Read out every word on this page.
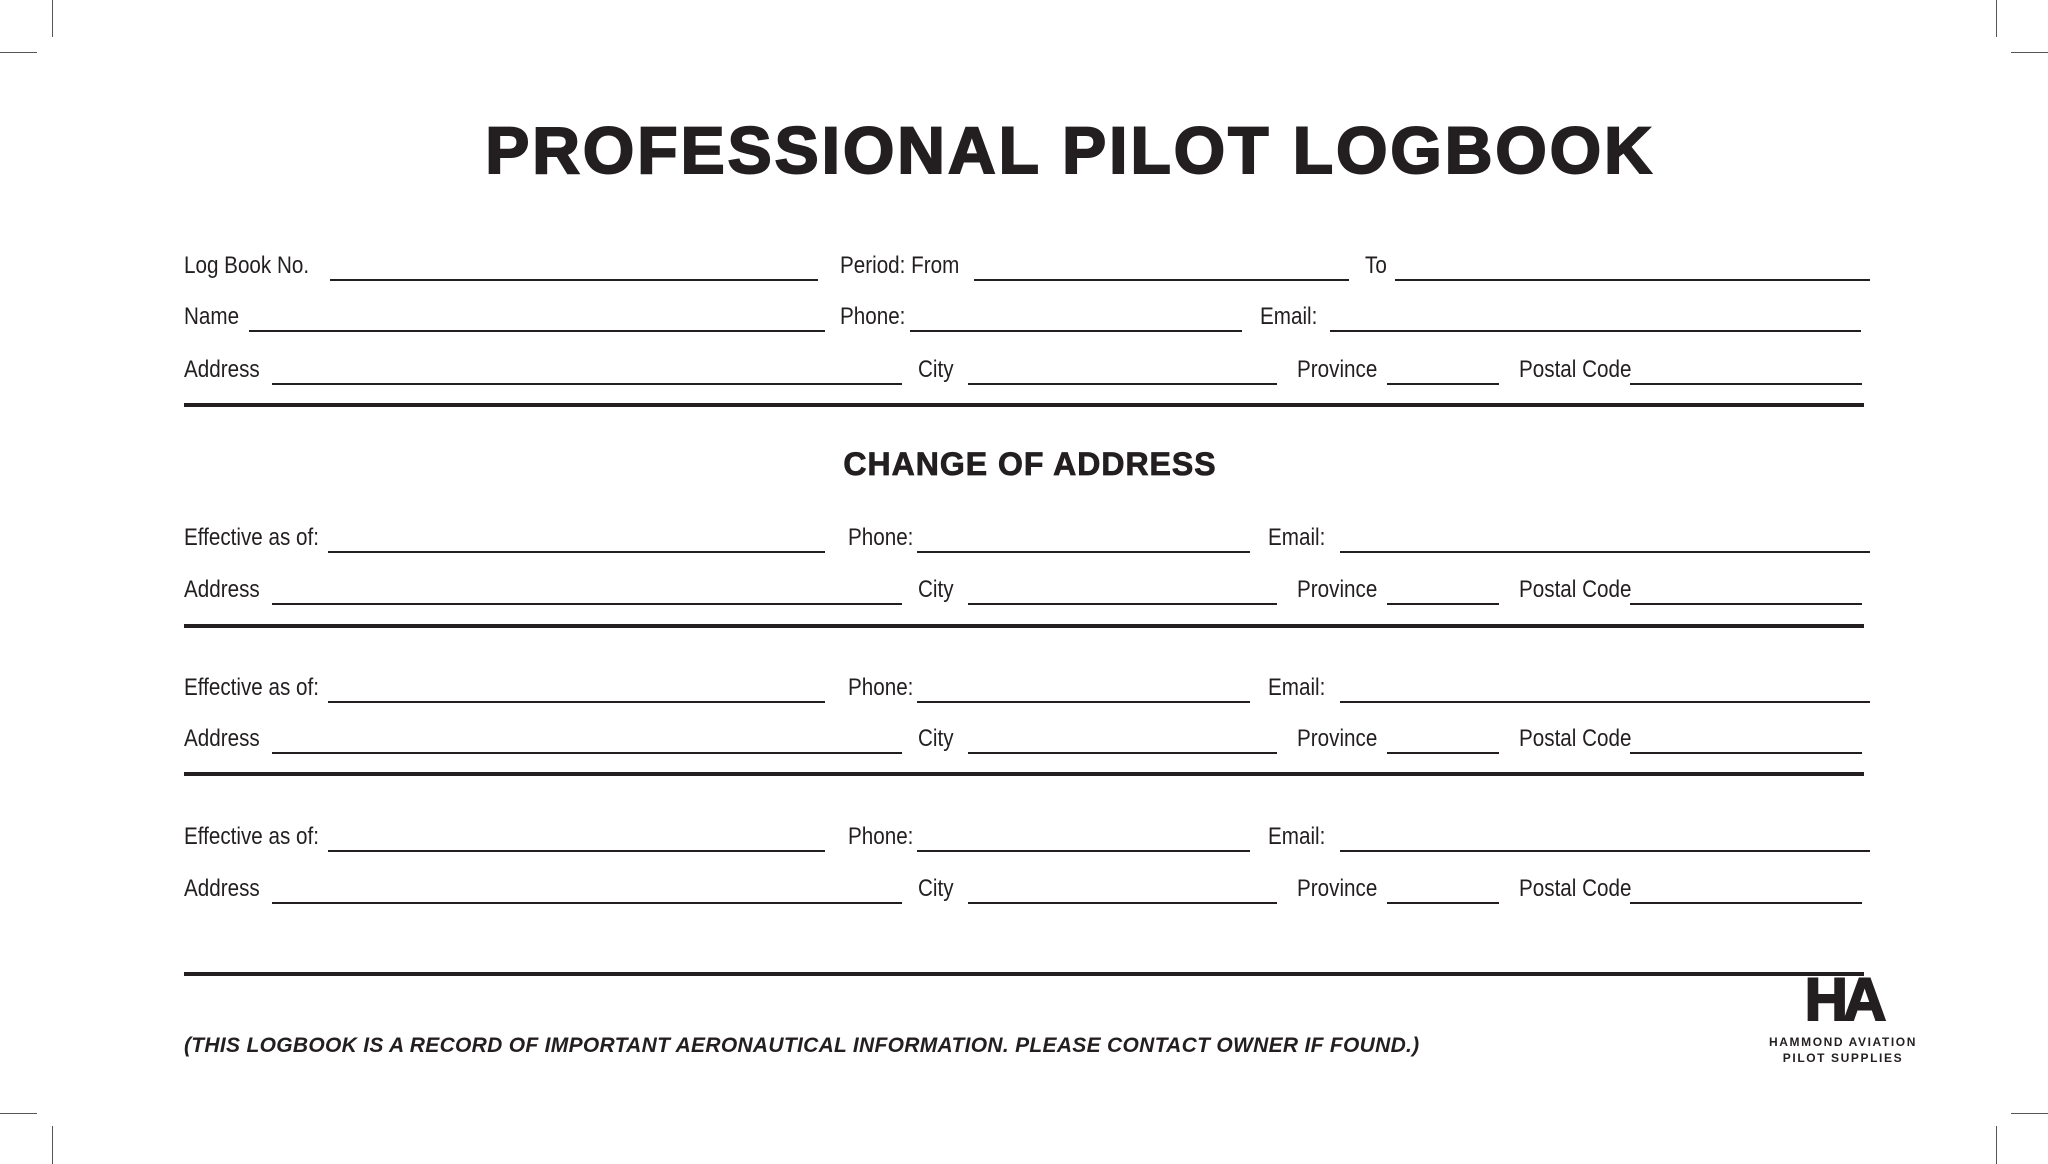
PROFESSIONAL PILOT LOGBOOK
CHANGE OF ADDRESS
Log Book No.	Period: From	To
Name	Phone:	Email:
Address	City	Province	Postal Code
Effective as of:	Phone:	Email:
Address	City	Province	Postal Code
Effective as of:	Phone:	Email:
Address	City	Province	Postal Code
Effective as of:	Phone:	Email:
Address	City	Province	Postal Code
(THIS LOGBOOK IS A RECORD OF IMPORTANT AERONAUTICAL INFORMATION. PLEASE CONTACT OWNER IF FOUND.)
HA
HAMMOND AVIATION
PILOT SUPPLIES
